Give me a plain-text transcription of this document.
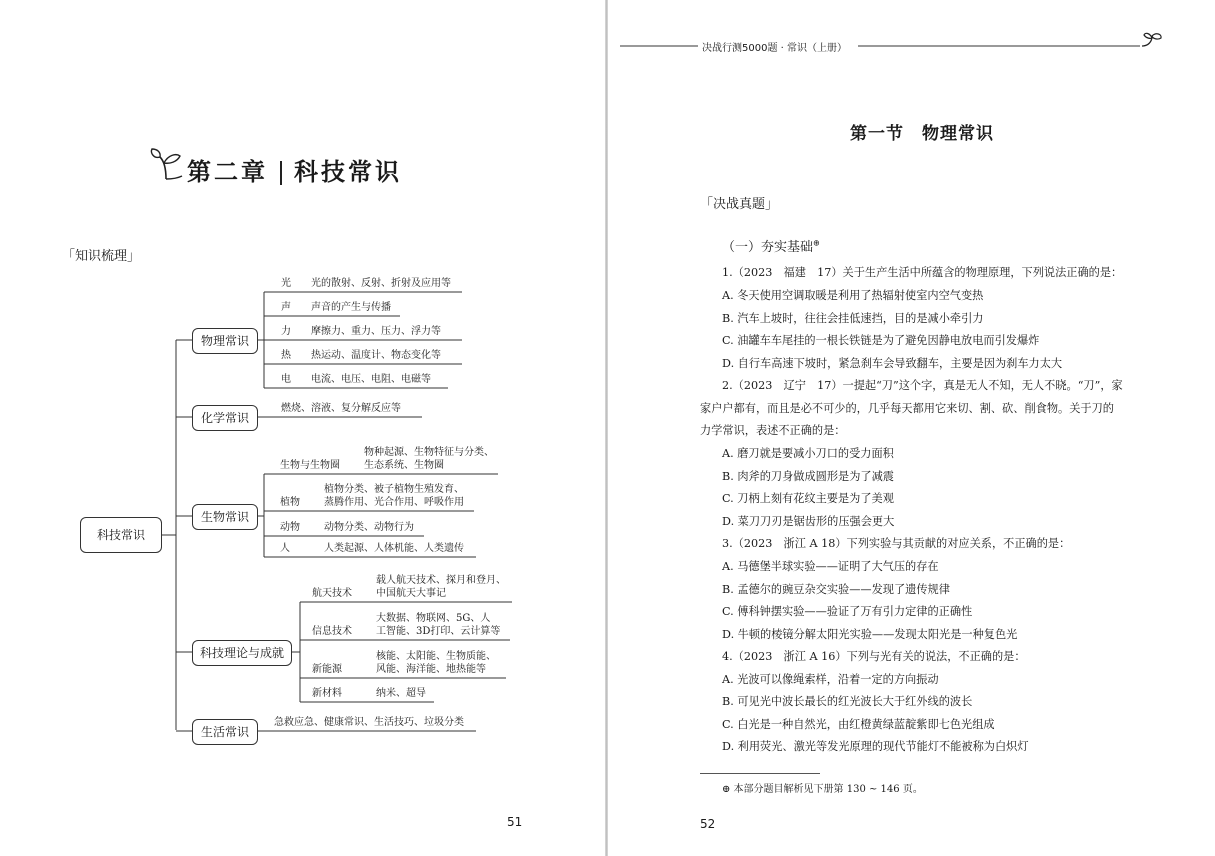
第二章 科技常识
「知识梳理」
科技常识
物理常识
化学常识
生物常识
科技理论与成就
生活常识
光 光的散射、反射、折射及应用等
声 声音的产生与传播
力 摩擦力、重力、压力、浮力等
热 热运动、温度计、物态变化等
电 电流、电压、电阻、电磁等
燃烧、溶液、复分解反应等
生物与生物圈
物种起源、生物特征与分类、
生态系统、生物圈
植物
植物分类、被子植物生殖发育、
蒸腾作用、光合作用、呼吸作用
动物 动物分类、动物行为
人	人类起源、人体机能、人类遗传
航天技术
载人航天技术、探月和登月、
中国航天大事记
信息技术
大数据、物联网、5G、人
工智能、3D打印、云计算等
新能源
核能、太阳能、生物质能、
风能、海洋能、地热能等
新材料	纳米、超导
急救应急、健康常识、生活技巧、垃圾分类
51
决战行测5000题 · 常识（上册）
第一节　物理常识
「决战真题」
（一）夯实基础⊕
1.（2023　福建　17）关于生产生活中所蕴含的物理原理，下列说法正确的是：
A. 冬天使用空调取暖是利用了热辐射使室内空气变热
B. 汽车上坡时，往往会挂低速挡，目的是减小牵引力
C. 油罐车车尾挂的一根长铁链是为了避免因静电放电而引发爆炸
D. 自行车高速下坡时，紧急刹车会导致翻车，主要是因为刹车力太大
2.（2023　辽宁　17）一提起“刀”这个字，真是无人不知，无人不晓。“刀”，家
家户户都有，而且是必不可少的，几乎每天都用它来切、割、砍、削食物。关于刀的
力学常识，表述不正确的是：
A. 磨刀就是要减小刀口的受力面积
B. 肉斧的刀身做成圆形是为了减震
C. 刀柄上刻有花纹主要是为了美观
D. 菜刀刀刃是锯齿形的压强会更大
3.（2023　浙江 A 18）下列实验与其贡献的对应关系，不正确的是：
A. 马德堡半球实验——证明了大气压的存在
B. 孟德尔的豌豆杂交实验——发现了遗传规律
C. 傅科钟摆实验——验证了万有引力定律的正确性
D. 牛顿的棱镜分解太阳光实验——发现太阳光是一种复色光
4.（2023　浙江 A 16）下列与光有关的说法，不正确的是：
A. 光波可以像绳索样，沿着一定的方向振动
B. 可见光中波长最长的红光波长大于红外线的波长
C. 白光是一种自然光，由红橙黄绿蓝靛紫即七色光组成
D. 利用荧光、激光等发光原理的现代节能灯不能被称为白炽灯
⊕ 本部分题目解析见下册第 130 ~ 146 页。
52
